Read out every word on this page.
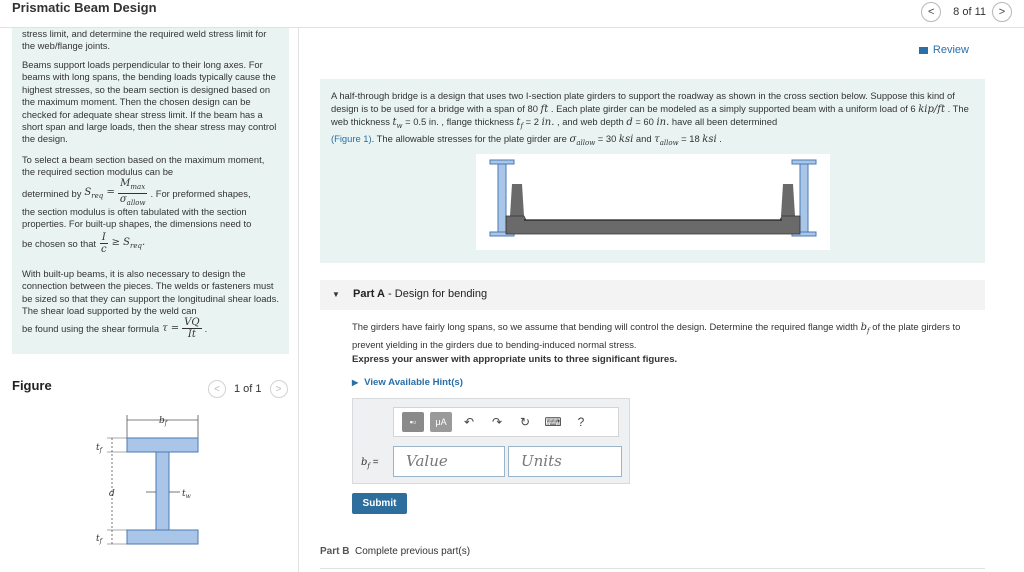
Prismatic Beam Design	<	8 of 11	>

stress limit, and determine the required weld stress limit for the web/flange joints.

Beams support loads perpendicular to their long axes. For beams with long spans, the bending loads typically cause the highest stresses, so the beam section is designed based on the maximum moment. Then the chosen design can be checked for adequate shear stress limit. If the beam has a short span and large loads, then the shear stress may control the design.

To select a beam section based on the maximum moment, the required section modulus can be

determined by $S_{req} = \frac{M_{max}}{\sigma_{allow}}$ . For preformed shapes,

the section modulus is often tabulated with the section properties. For built-up shapes, the dimensions need to

be chosen so that $\frac{I}{c} \ge S_{req}$.

With built-up beams, it is also necessary to design the connection between the pieces. The welds or fasteners must be sized so that they can support the longitudinal shear loads. The shear load supported by the weld can

be found using the shear formula $\tau = \frac{VQ}{It}$ .
Figure	<	1 of 1	>
$b_f$
$t_f$
d
$t_f$
$t_w$
Review
A half-through bridge is a design that uses two I-section plate girders to support the roadway as shown in the cross section below. Suppose this kind of design is to be used for a bridge with a span of 80 ft . Each plate girder can be modeled as a simply supported beam with a uniform load of 6 kip/ft . The web thickness $t_w = 0.5$ in. , flange thickness $t_f = 2$ in. , and web depth d = 60 in. have all been determined
(Figure 1). The allowable stresses for the plate girder are $\sigma_{allow} = 30$ ksi and $\tau_{allow} = 18$ ksi .
▼ Part A - Design for bending
The girders have fairly long spans, so we assume that bending will control the design. Determine the required flange width $b_f$ of the plate girders to prevent yielding in the girders due to bending-induced normal stress.
Express your answer with appropriate units to three significant figures.
▶ View Available Hint(s)
▪▫	μA	↶	↷	↻	⌨	?
$b_f$ =	Value	Units
Submit
Part B Complete previous part(s)
